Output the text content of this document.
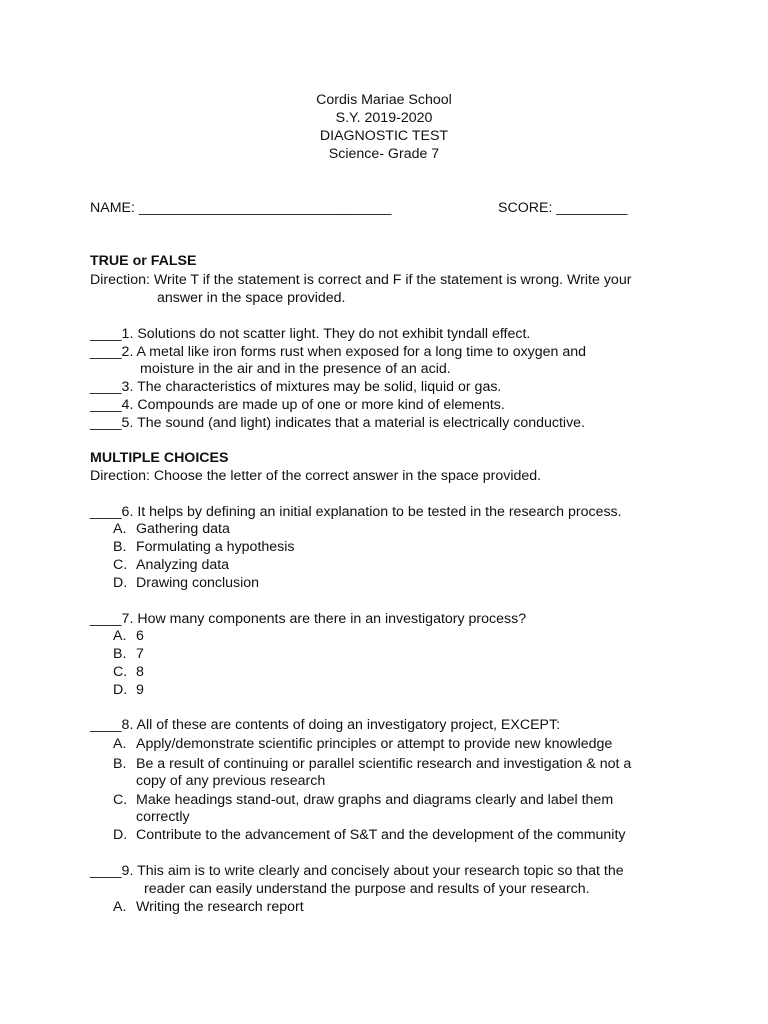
Cordis Mariae School
S.Y. 2019-2020
DIAGNOSTIC TEST
Science- Grade 7
NAME: ________________________________	SCORE: _________
TRUE or FALSE
Direction: Write T if the statement is correct and F if the statement is wrong. Write your
answer in the space provided.
____1. Solutions do not scatter light. They do not exhibit tyndall effect.
____2. A metal like iron forms rust when exposed for a long time to oxygen and
moisture in the air and in the presence of an acid.
____3. The characteristics of mixtures may be solid, liquid or gas.
____4. Compounds are made up of one or more kind of elements.
____5. The sound (and light) indicates that a material is electrically conductive.
MULTIPLE CHOICES
Direction: Choose the letter of the correct answer in the space provided.
____6. It helps by defining an initial explanation to be tested in the research process.
A. Gathering data
B. Formulating a hypothesis
C. Analyzing data
D. Drawing conclusion
____7. How many components are there in an investigatory process?
A. 6
B. 7
C. 8
D. 9
____8. All of these are contents of doing an investigatory project, EXCEPT:
A. Apply/demonstrate scientific principles or attempt to provide new knowledge
B. Be a result of continuing or parallel scientific research and investigation & not a
copy of any previous research
C. Make headings stand-out, draw graphs and diagrams clearly and label them
correctly
D. Contribute to the advancement of S&T and the development of the community
____9. This aim is to write clearly and concisely about your research topic so that the
reader can easily understand the purpose and results of your research.
A. Writing the research report
